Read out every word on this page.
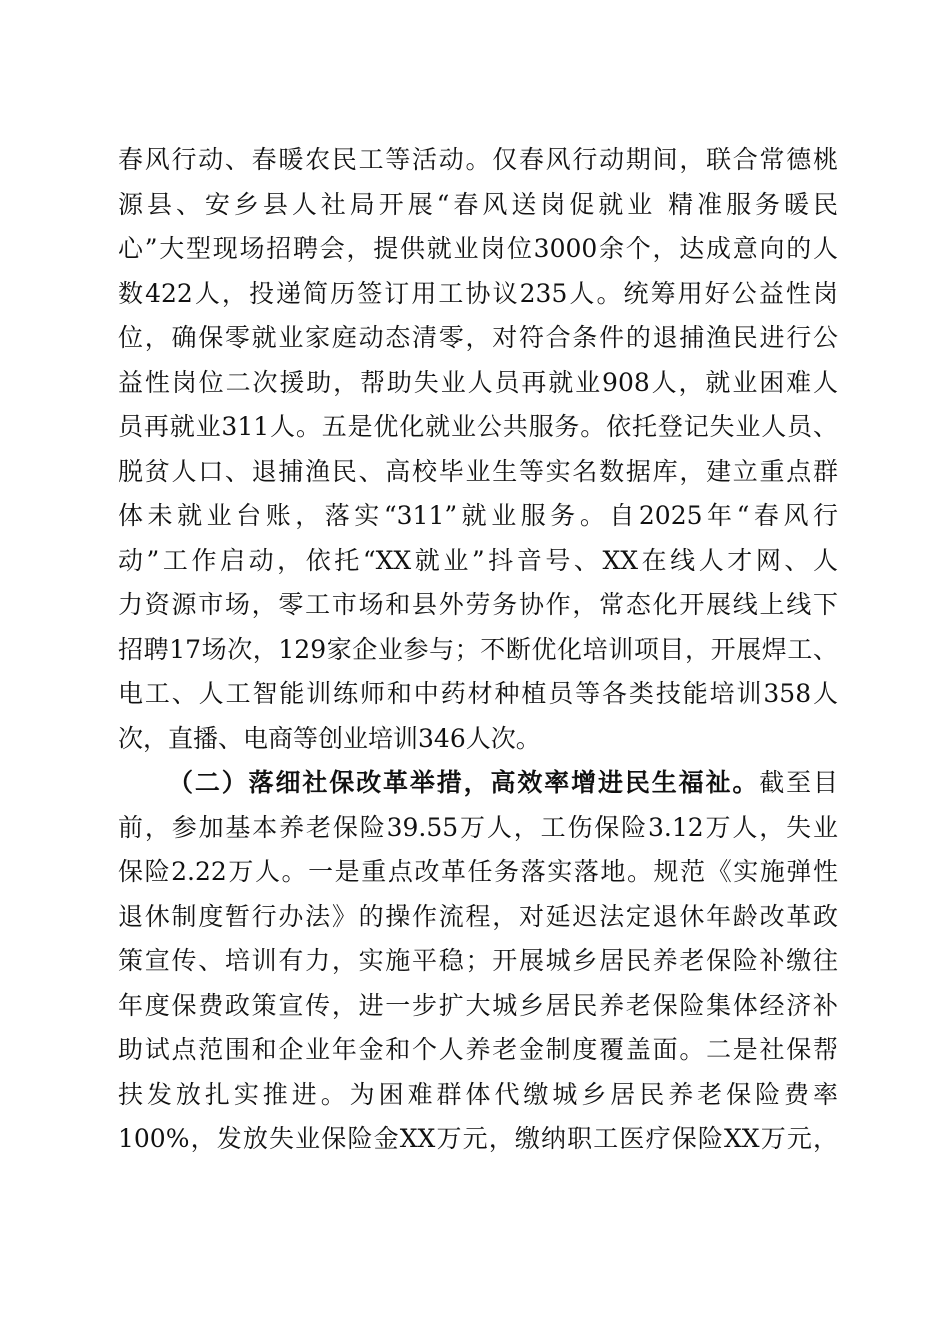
春风行动、春暖农民工等活动。仅春风行动期间，联合常德桃
源县、安乡县人社局开展“春风送岗促就业 精准服务暖民
心”大型现场招聘会，提供就业岗位3000余个，达成意向的人
数422人，投递简历签订用工协议235人。统筹用好公益性岗
位，确保零就业家庭动态清零，对符合条件的退捕渔民进行公
益性岗位二次援助，帮助失业人员再就业908人，就业困难人
员再就业311人。五是优化就业公共服务。依托登记失业人员、
脱贫人口、退捕渔民、高校毕业生等实名数据库，建立重点群
体未就业台账，落实“311”就业服务。自2025年“春风行
动”工作启动，依托“XX就业”抖音号、XX在线人才网、人
力资源市场，零工市场和县外劳务协作，常态化开展线上线下
招聘17场次，129家企业参与；不断优化培训项目，开展焊工、
电工、人工智能训练师和中药材种植员等各类技能培训358人
次，直播、电商等创业培训346人次。
（二）落细社保改革举措，高效率增进民生福祉。截至目
前，参加基本养老保险39.55万人，工伤保险3.12万人，失业
保险2.22万人。一是重点改革任务落实落地。规范《实施弹性
退休制度暂行办法》的操作流程，对延迟法定退休年龄改革政
策宣传、培训有力，实施平稳；开展城乡居民养老保险补缴往
年度保费政策宣传，进一步扩大城乡居民养老保险集体经济补
助试点范围和企业年金和个人养老金制度覆盖面。二是社保帮
扶发放扎实推进。为困难群体代缴城乡居民养老保险费率
100%，发放失业保险金XX万元，缴纳职工医疗保险XX万元，
